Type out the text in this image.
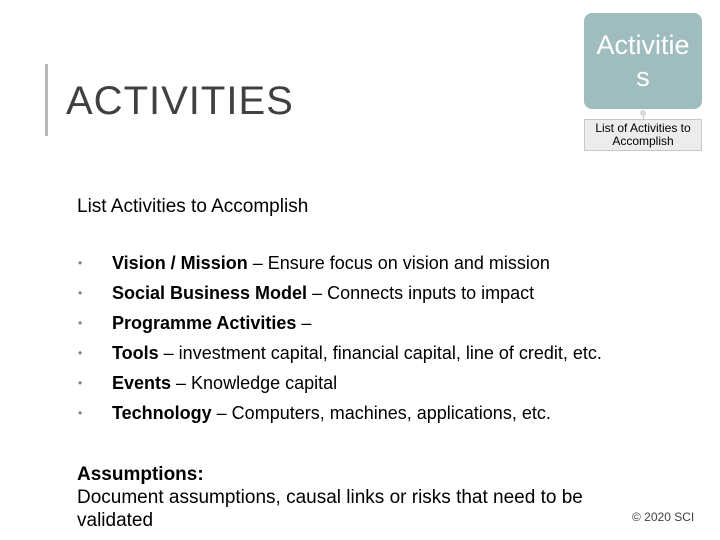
ACTIVITIES
Activities
List of Activities to Accomplish
List Activities to Accomplish
•	Vision / Mission – Ensure focus on vision and mission
•	Social Business Model – Connects inputs to impact
•	Programme Activities –
•	Tools – investment capital, financial capital, line of credit, etc.
•	Events – Knowledge capital
•	Technology – Computers, machines, applications, etc.
Assumptions:
Document assumptions, causal links or risks that need to be validated	© 2020 SCI
